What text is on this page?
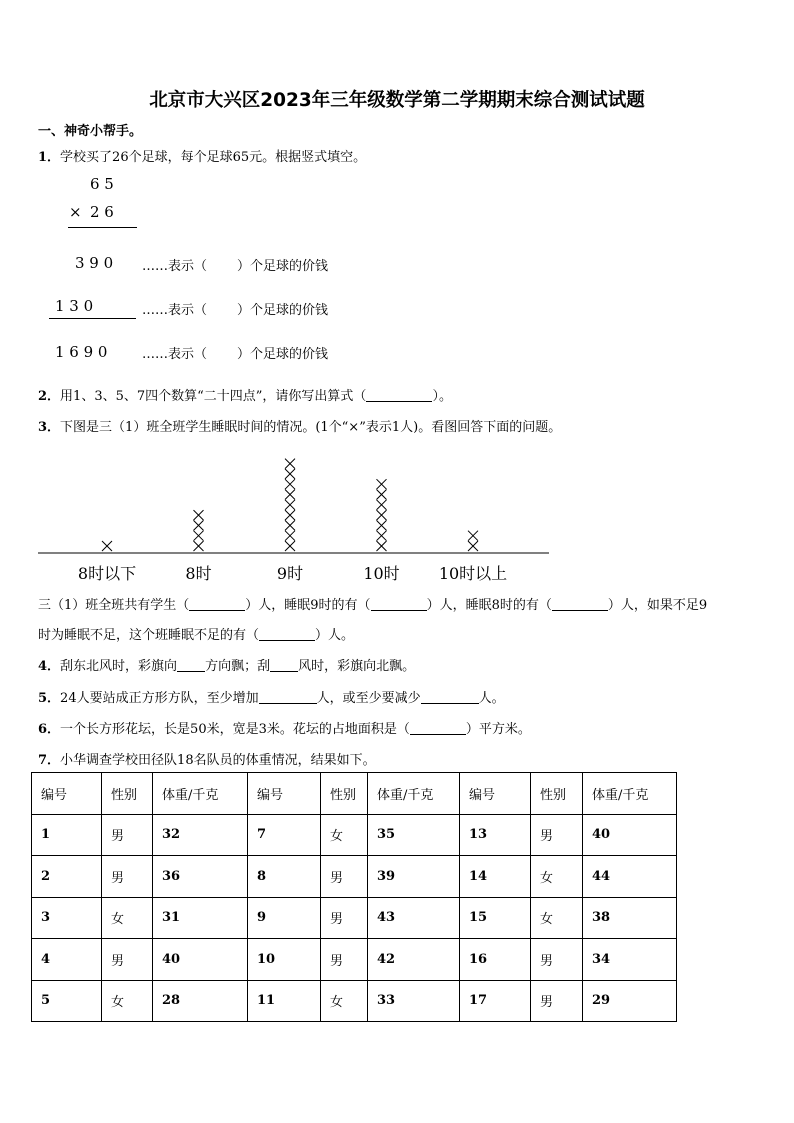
北京市大兴区2023年三年级数学第二学期期末综合测试试题
一、神奇小帮手。
1．学校买了26个足球，每个足球65元。根据竖式填空。
6 5
× 2 6
3 9 0 ……表示（ ）个足球的价钱
1 3 0	……表示（ ）个足球的价钱
1 6 9 0	……表示（ ）个足球的价钱
2．用1、3、5、7四个数算“二十四点”，请你写出算式（	）。
3．下图是三（1）班全班学生睡眠时间的情况。(1个“×”表示1人)。看图回答下面的问题。
8时以下	8时	9时	10时 10时以上
三（1）班全班共有学生（	）人，睡眠9时的有（	）人，睡眠8时的有（	）人，如果不足9
时为睡眠不足，这个班睡眠不足的有（	）人。
4．刮东北风时，彩旗向 方向飘；刮 风时，彩旗向北飘。
5．24人要站成正方形方队，至少增加	人，或至少要减少	人。
6．一个长方形花坛，长是50米，宽是3米。花坛的占地面积是（	）平方米。
7．小华调查学校田径队18名队员的体重情况，结果如下。
编号	性别	体重/千克	编号	性别	体重/千克	编号	性别	体重/千克
1	男	32	7	女	35	13	男	40
2	男	36	8	男	39	14	女	44
3	女	31	9	男	43	15	女	38
4	男	40	10	男	42	16	男	34
5	女	28	11	女	33	17	男	29
